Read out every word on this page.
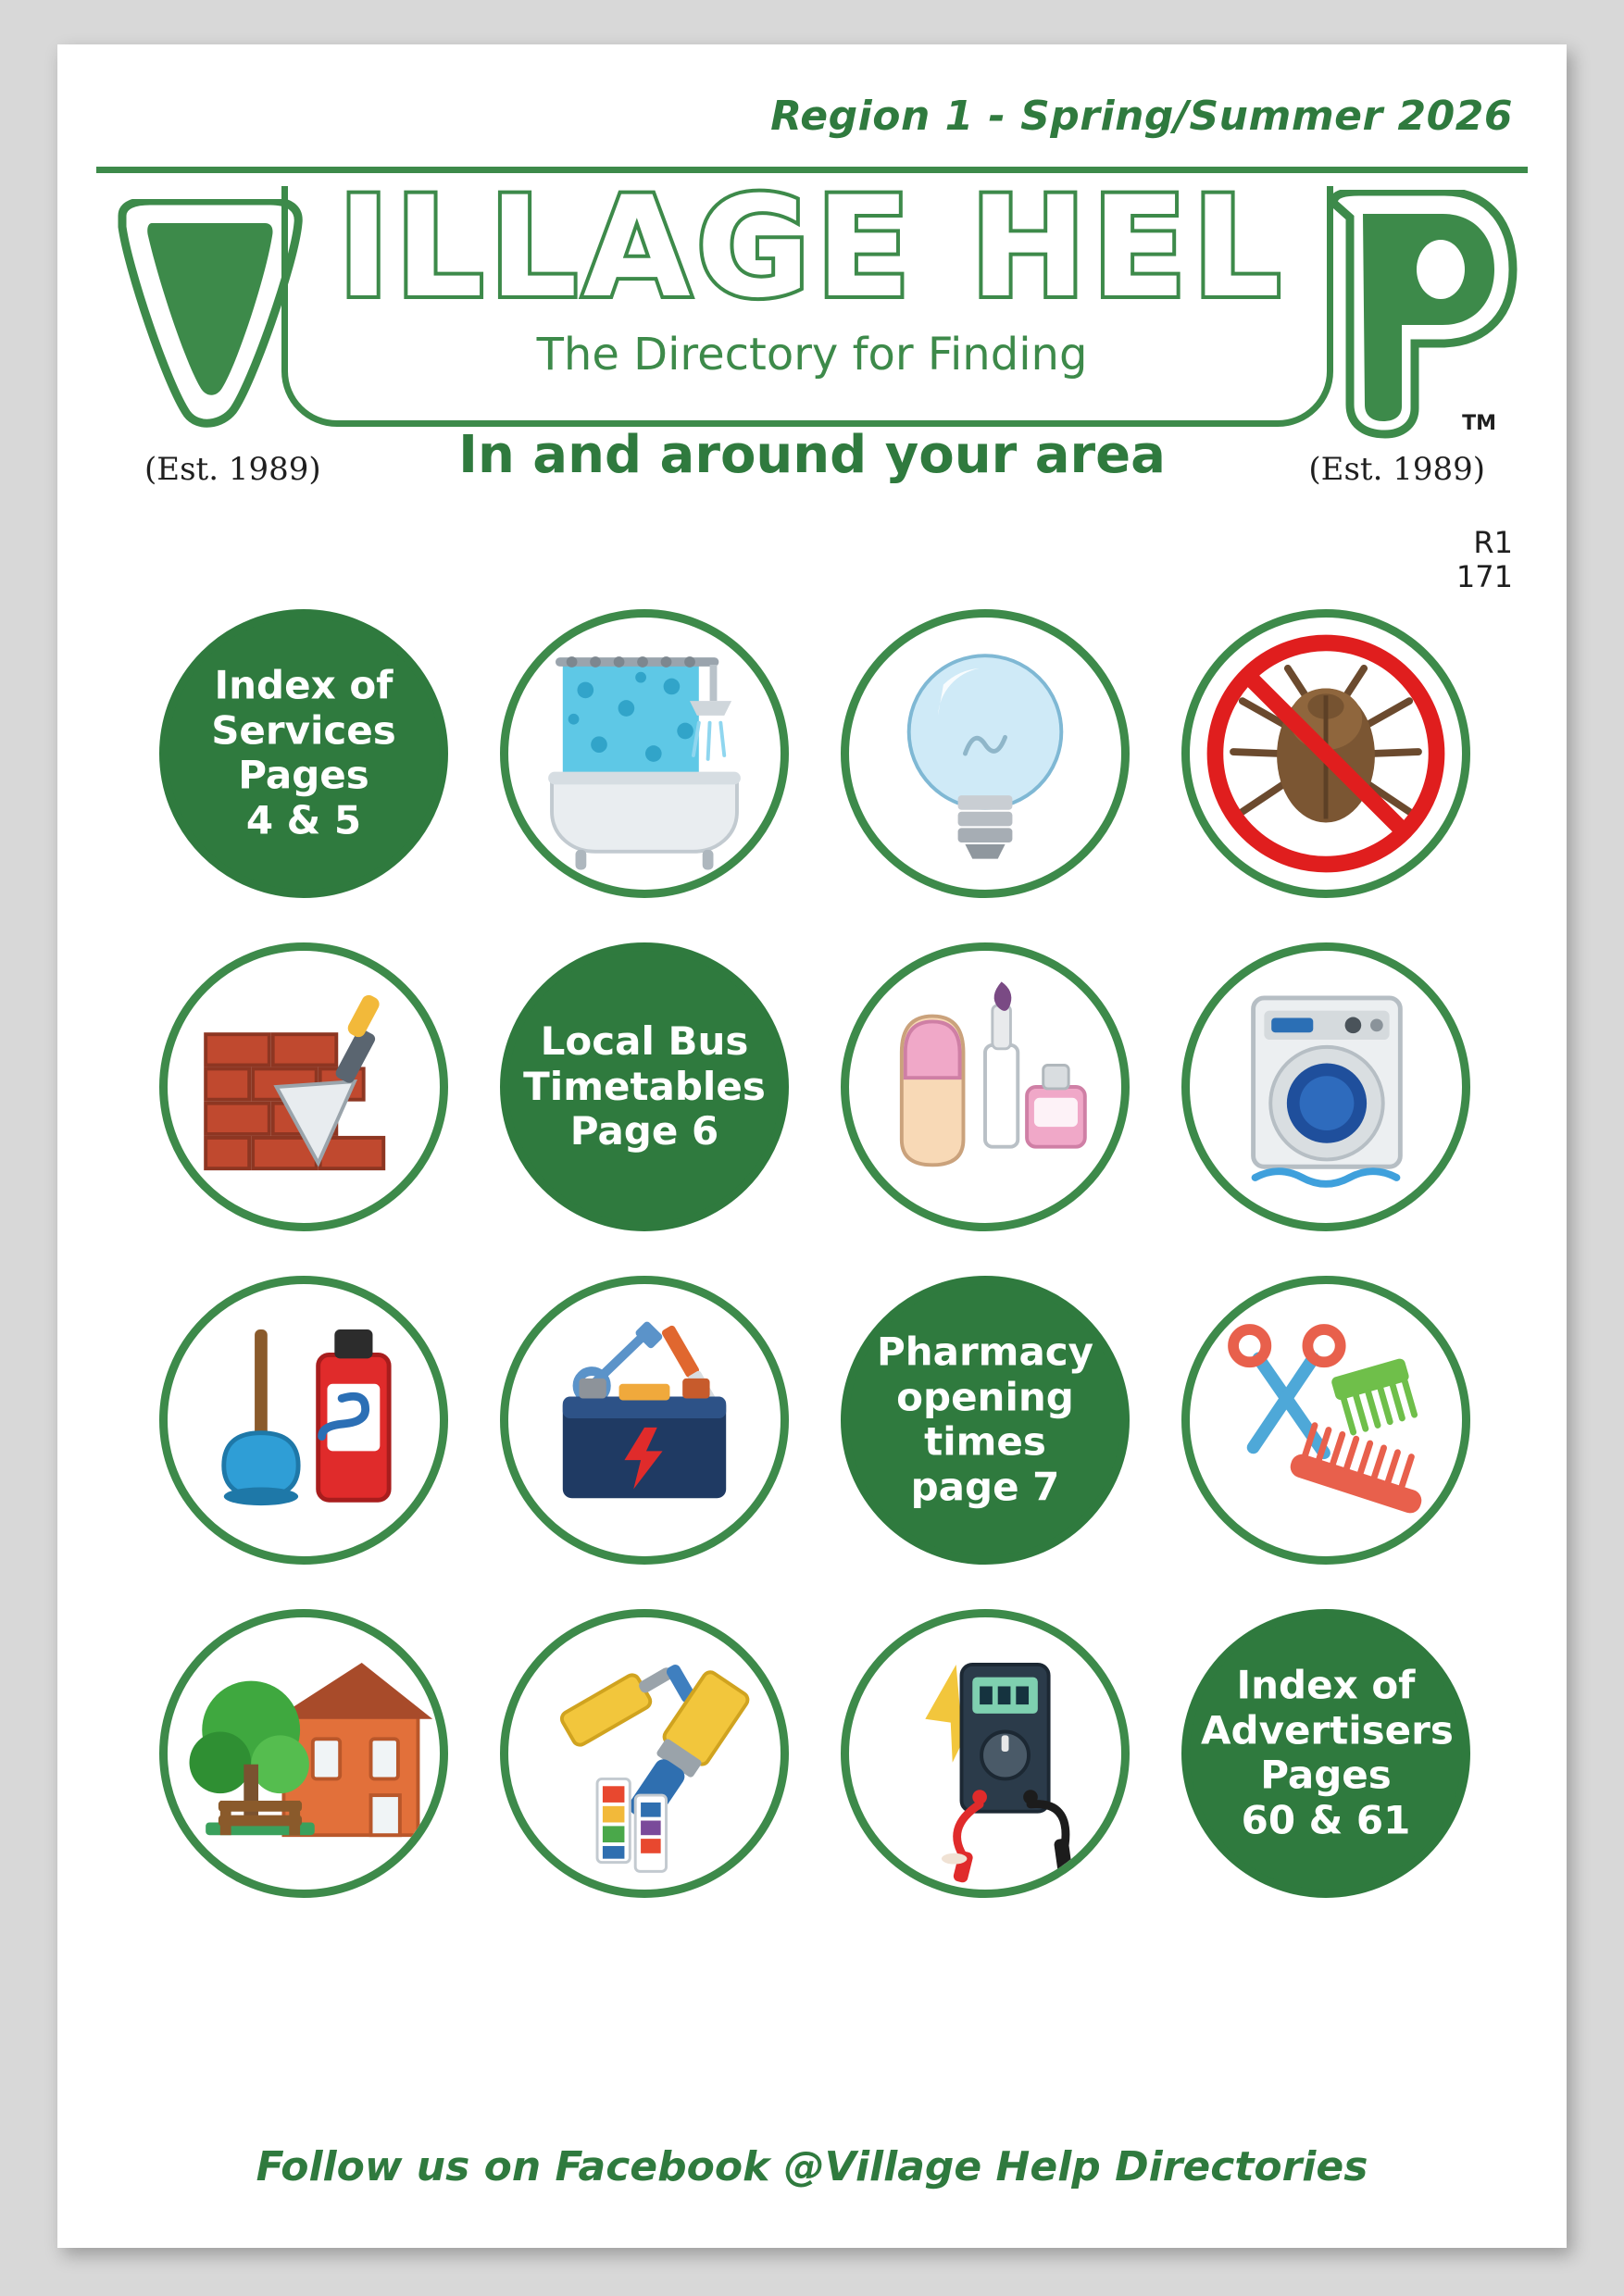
Region 1 - Spring/Summer 2026
ILLAGE HEL
The Directory for Finding
In and around your area
(Est. 1989)	(Est. 1989)
TM
R1
171
Index of
Services
Pages
4 & 5
Local Bus
Timetables
Page 6
Pharmacy
opening
times
page 7
Index of
Advertisers
Pages
60 & 61
Follow us on Facebook @Village Help Directories
